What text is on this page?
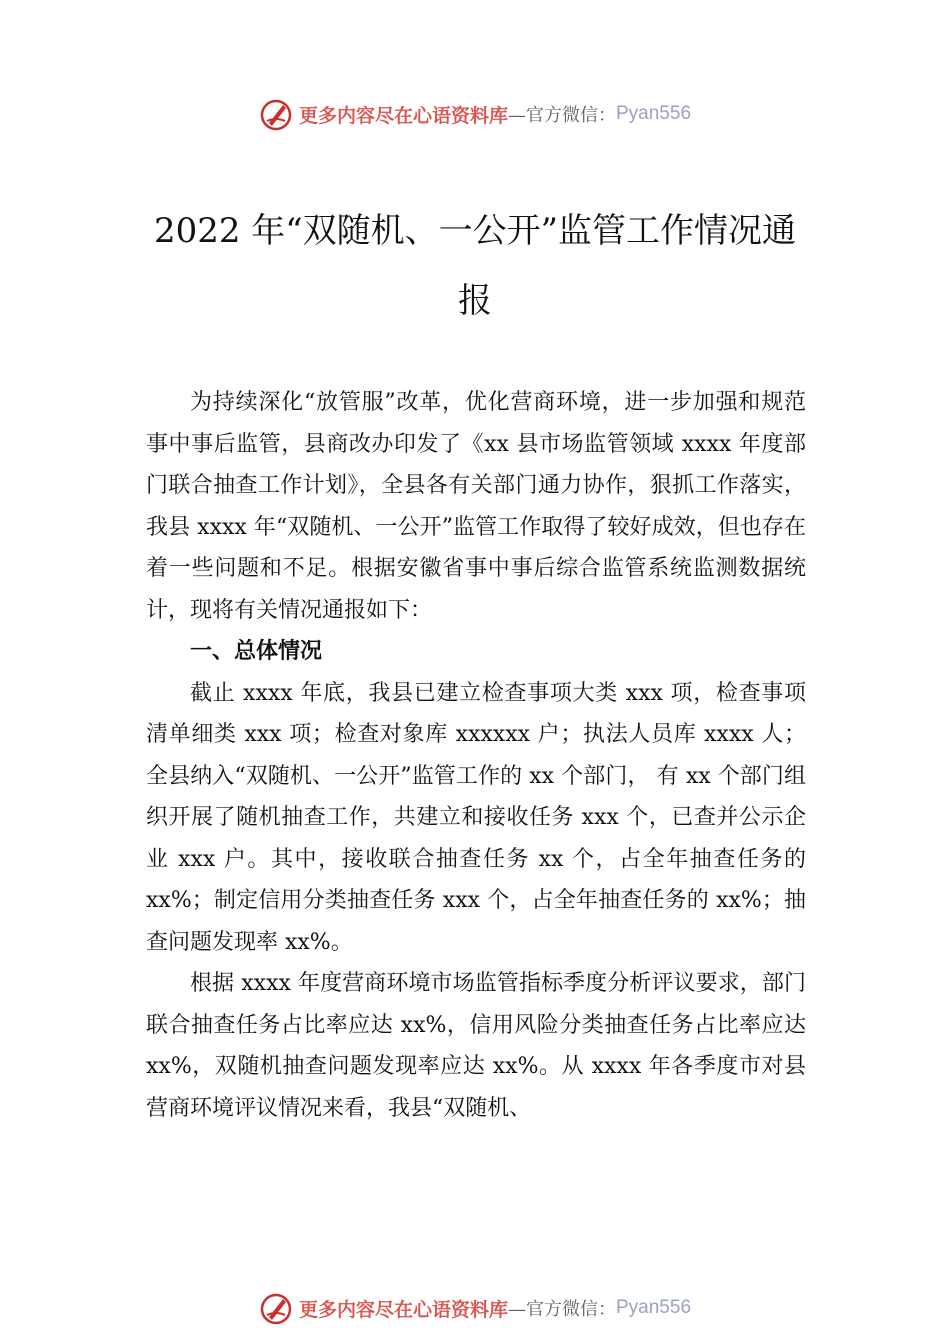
更多内容尽在心语资料库 —官方微信： Pyan556
2022 年“双随机、一公开”监管工作情况通
报

为持续深化“放管服”改革，优化营商环境，进一步加强和规范事中事后监管，县商改办印发了《xx 县市场监管领域 xxxx 年度部门联合抽查工作计划》，全县各有关部门通力协作，狠抓工作落实，我县 xxxx 年“双随机、一公开”监管工作取得了较好成效，但也存在着一些问题和不足。根据安徽省事中事后综合监管系统监测数据统计，现将有关情况通报如下：

一、总体情况

截止 xxxx 年底，我县已建立检查事项大类 xxx 项，检查事项清单细类 xxx 项；检查对象库 xxxxxx 户；执法人员库 xxxx 人；全县纳入“双随机、一公开”监管工作的 xx 个部门， 有 xx 个部门组织开展了随机抽查工作，共建立和接收任务 xxx 个，已查并公示企业 xxx 户。其中，接收联合抽查任务 xx 个，占全年抽查任务的 xx%；制定信用分类抽查任务 xxx 个，占全年抽查任务的 xx%；抽查问题发现率 xx%。

根据 xxxx 年度营商环境市场监管指标季度分析评议要求，部门联合抽查任务占比率应达 xx%，信用风险分类抽查任务占比率应达 xx%，双随机抽查问题发现率应达 xx%。从 xxxx 年各季度市对县营商环境评议情况来看，我县“双随机、

更多内容尽在心语资料库 —官方微信： Pyan556
